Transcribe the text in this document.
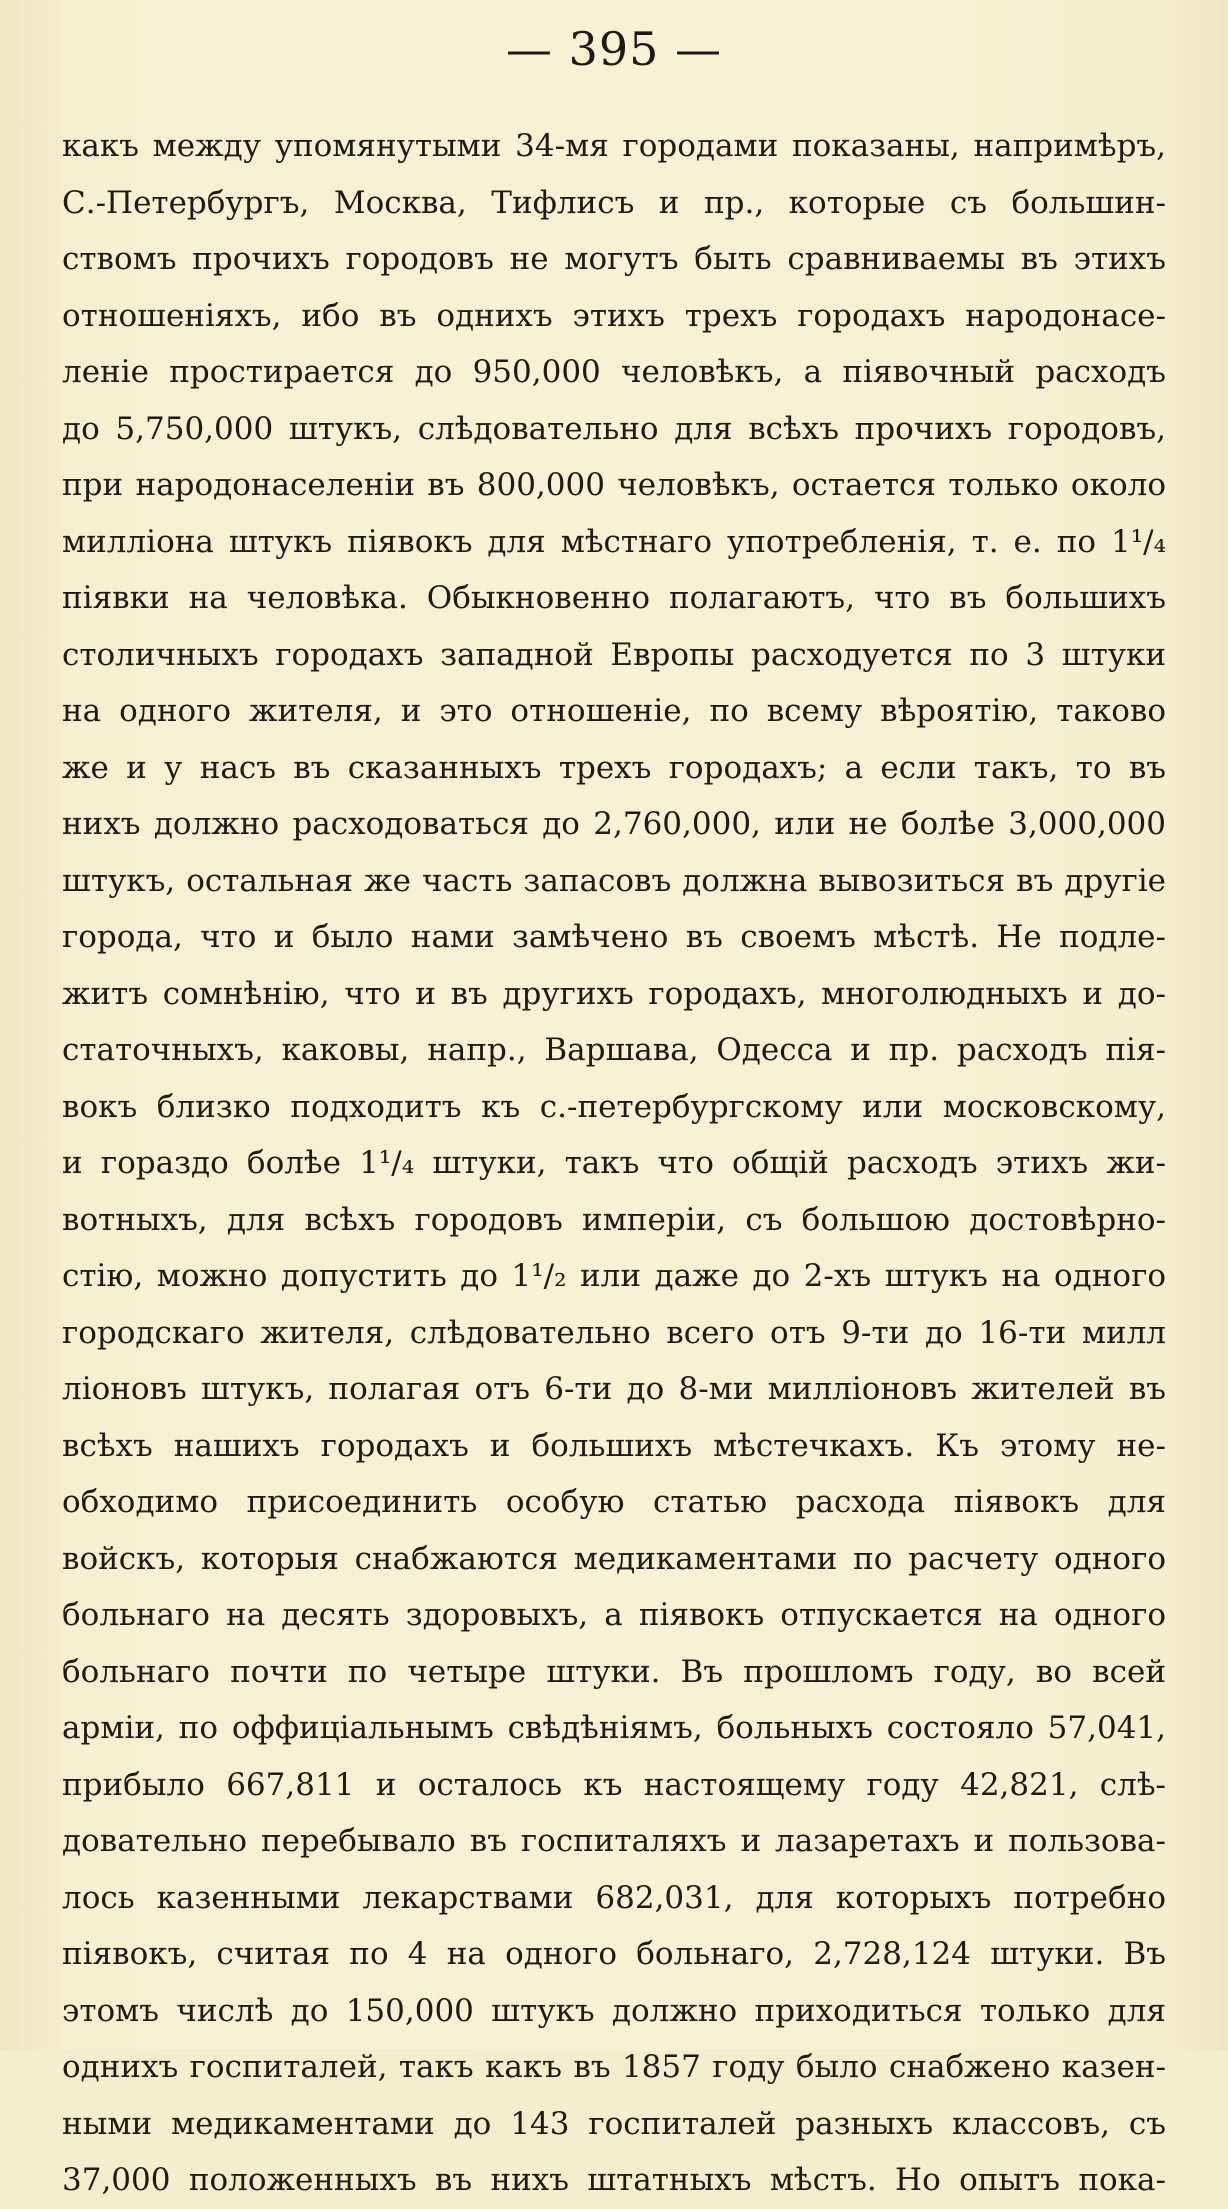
— 395 —
какъ между упомянутыми 34-мя городами показаны, напримѣръ,
С.-Петербургъ, Москва, Тифлисъ и пр., которые съ большин-
ствомъ прочихъ городовъ не могутъ быть сравниваемы въ этихъ
отношеніяхъ, ибо въ однихъ этихъ трехъ городахъ народонасе-
леніе простирается до 950,000 человѣкъ, а піявочный расходъ
до 5,750,000 штукъ, слѣдовательно для всѣхъ прочихъ городовъ,
при народонаселеніи въ 800,000 человѣкъ, остается только около
милліона штукъ піявокъ для мѣстнаго употребленія, т. е. по 1¹/₄
піявки на человѣка. Обыкновенно полагаютъ, что въ большихъ
столичныхъ городахъ западной Европы расходуется по 3 штуки
на одного жителя, и это отношеніе, по всему вѣроятію, таково
же и у насъ въ сказанныхъ трехъ городахъ; а если такъ, то въ
нихъ должно расходоваться до 2,760,000, или не болѣе 3,000,000
штукъ, остальная же часть запасовъ должна вывозиться въ другіе
города, что и было нами замѣчено въ своемъ мѣстѣ. Не подле-
житъ сомнѣнію, что и въ другихъ городахъ, многолюдныхъ и до-
статочныхъ, каковы, напр., Варшава, Одесса и пр. расходъ пія-
вокъ близко подходитъ къ с.-петербургскому или московскому,
и гораздо болѣе 1¹/₄ штуки, такъ что общій расходъ этихъ жи-
вотныхъ, для всѣхъ городовъ имперіи, съ большою достовѣрно-
стію, можно допустить до 1¹/₂ или даже до 2-хъ штукъ на одного
городскаго жителя, слѣдовательно всего отъ 9-ти до 16-ти милл
ліоновъ штукъ, полагая отъ 6-ти до 8-ми милліоновъ жителей въ
всѣхъ нашихъ городахъ и большихъ мѣстечкахъ. Къ этому не-
обходимо присоединить особую статью расхода піявокъ для
войскъ, которыя снабжаются медикаментами по расчету одного
больнаго на десять здоровыхъ, а піявокъ отпускается на одного
больнаго почти по четыре штуки. Въ прошломъ году, во всей
арміи, по оффиціальнымъ свѣдѣніямъ, больныхъ состояло 57,041,
прибыло 667,811 и осталось къ настоящему году 42,821, слѣ-
довательно перебывало въ госпиталяхъ и лазаретахъ и пользова-
лось казенными лекарствами 682,031, для которыхъ потребно
піявокъ, считая по 4 на одного больнаго, 2,728,124 штуки. Въ
этомъ числѣ до 150,000 штукъ должно приходиться только для
однихъ госпиталей, такъ какъ въ 1857 году было снабжено казен-
ными медикаментами до 143 госпиталей разныхъ классовъ, съ
37,000 положенныхъ въ нихъ штатныхъ мѣстъ. Но опытъ пока-
